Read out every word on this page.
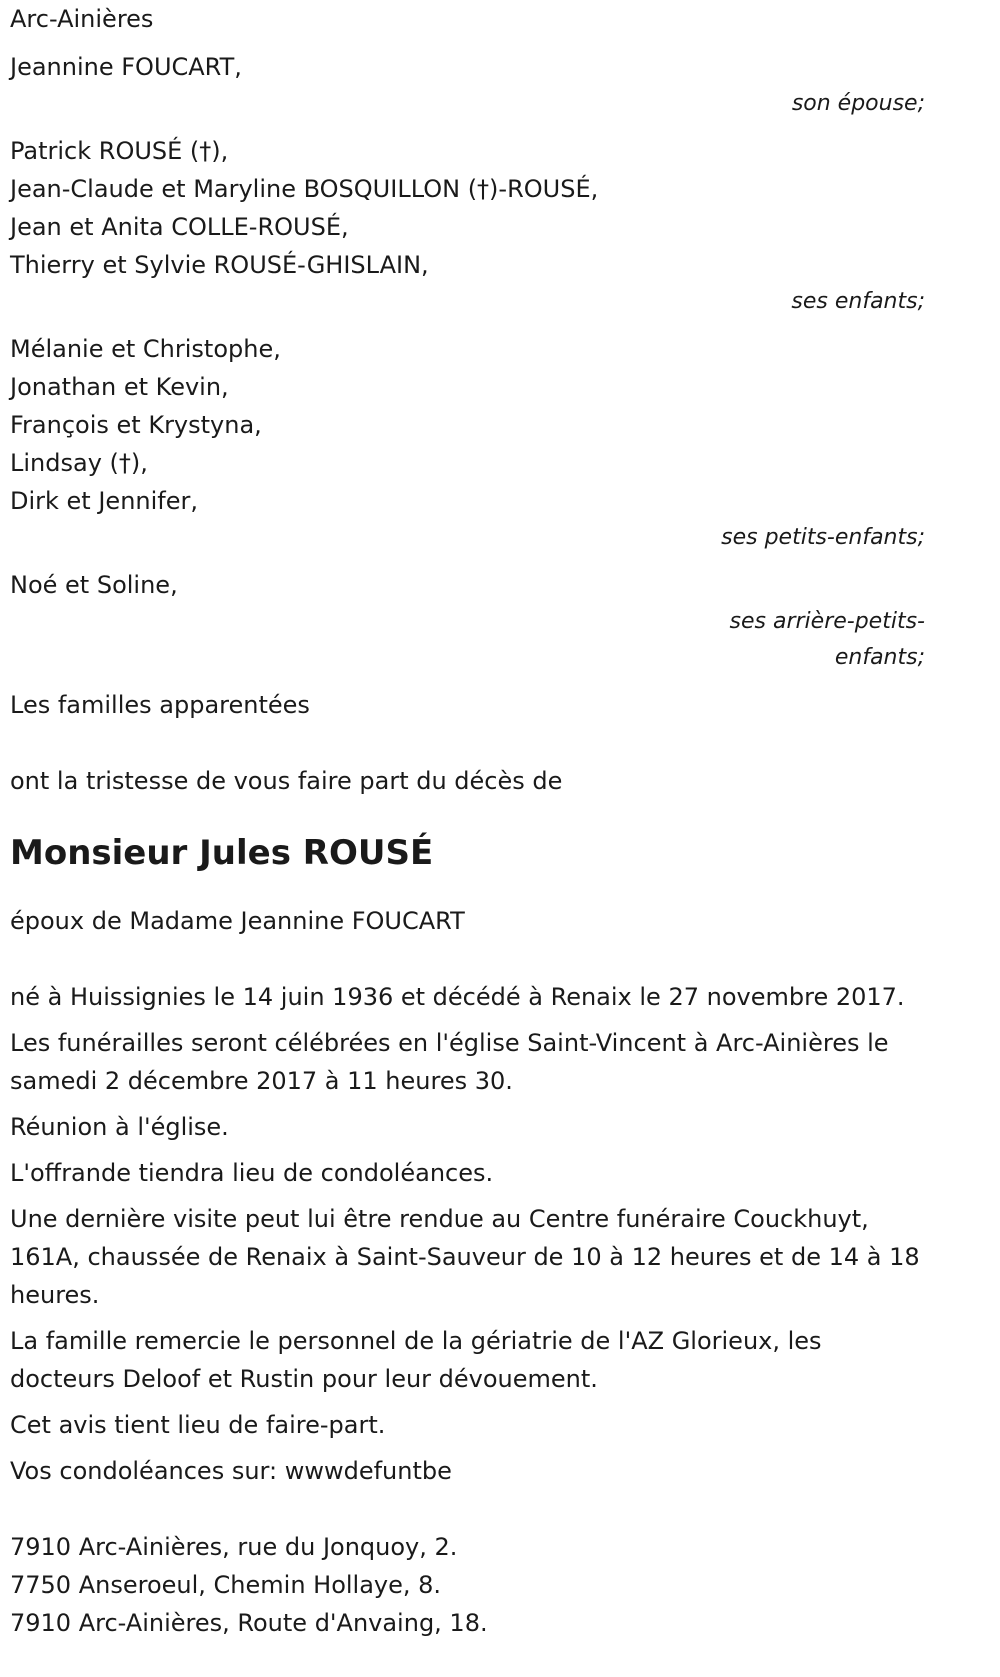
Arc-Ainières
Jeannine FOUCART,
son épouse;
Patrick ROUSÉ (†),
Jean-Claude et Maryline BOSQUILLON (†)-ROUSÉ,
Jean et Anita COLLE-ROUSÉ,
Thierry et Sylvie ROUSÉ-GHISLAIN,
ses enfants;
Mélanie et Christophe,
Jonathan et Kevin,
François et Krystyna,
Lindsay (†),
Dirk et Jennifer,
ses petits-enfants;
Noé et Soline,
ses arrière-petits-enfants;
Les familles apparentées
ont la tristesse de vous faire part du décès de
Monsieur Jules ROUSÉ
époux de Madame Jeannine FOUCART
né à Huissignies le 14 juin 1936 et décédé à Renaix le 27 novembre 2017.
Les funérailles seront célébrées en l'église Saint-Vincent à Arc-Ainières le samedi 2 décembre 2017 à 11 heures 30.
Réunion à l'église.
L'offrande tiendra lieu de condoléances.
Une dernière visite peut lui être rendue au Centre funéraire Couckhuyt, 161A, chaussée de Renaix à Saint-Sauveur de 10 à 12 heures et de 14 à 18 heures.
La famille remercie le personnel de la gériatrie de l'AZ Glorieux, les docteurs Deloof et Rustin pour leur dévouement.
Cet avis tient lieu de faire-part.
Vos condoléances sur: wwwdefuntbe
7910 Arc-Ainières, rue du Jonquoy, 2.
7750 Anseroeul, Chemin Hollaye, 8.
7910 Arc-Ainières, Route d'Anvaing, 18.
